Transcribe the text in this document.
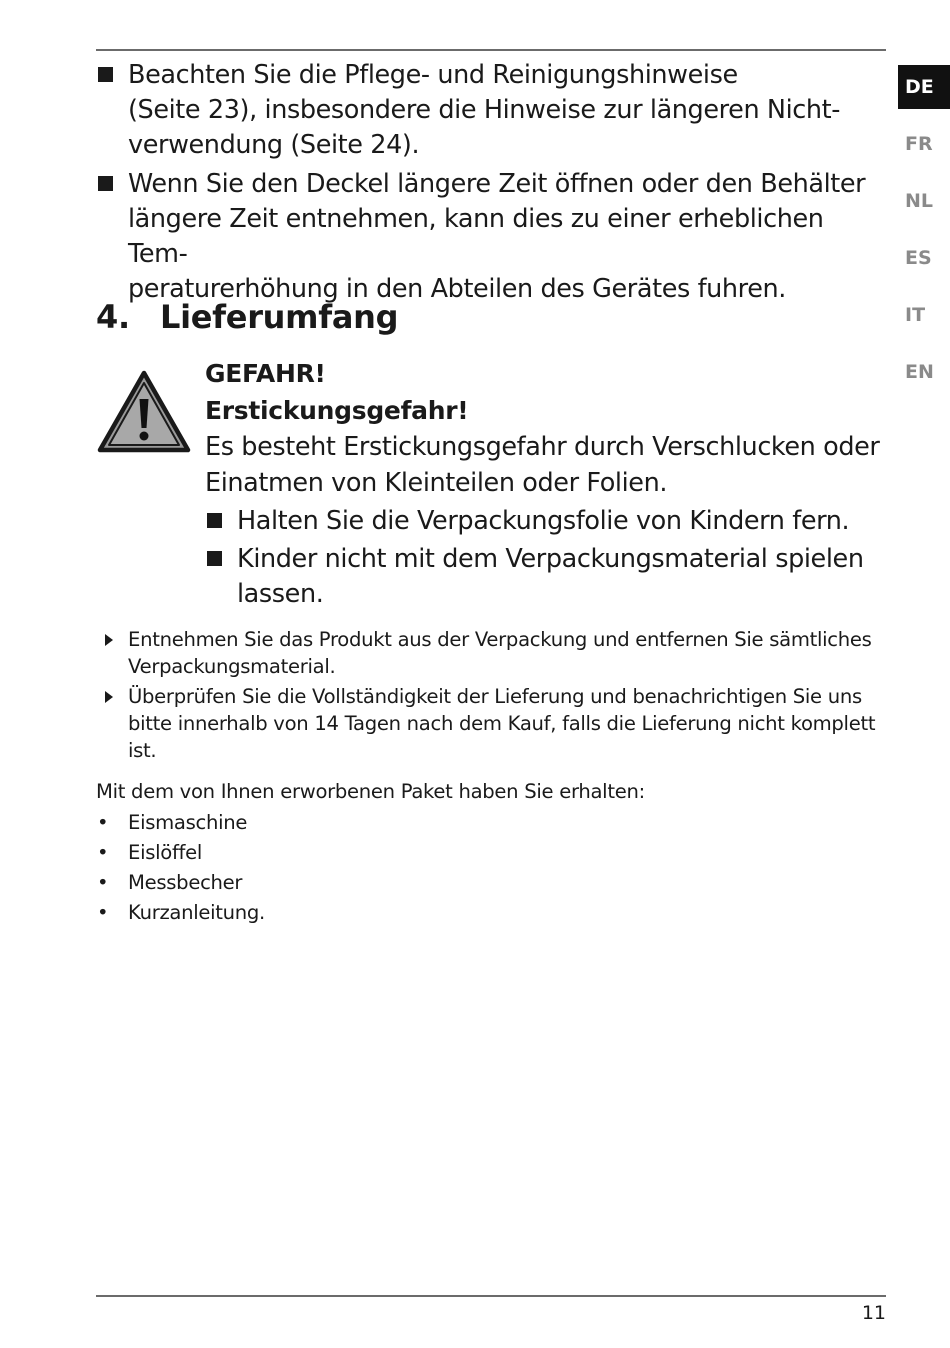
DE
FR
NL
ES
IT
EN
Beachten Sie die Pflege- und Reinigungshinweise
(Seite 23), insbesondere die Hinweise zur längeren Nicht-
verwendung (Seite 24).
Wenn Sie den Deckel längere Zeit öffnen oder den Behälter
längere Zeit entnehmen, kann dies zu einer erheblichen Tem-
peraturerhöhung in den Abteilen des Gerätes fuhren.
4. Lieferumfang
GEFAHR!
Erstickungsgefahr!
Es besteht Erstickungsgefahr durch Verschlucken oder
Einatmen von Kleinteilen oder Folien.
Halten Sie die Verpackungsfolie von Kindern fern.
Kinder nicht mit dem Verpackungsmaterial spielen
lassen.
Entnehmen Sie das Produkt aus der Verpackung und entfernen Sie sämtliches
Verpackungsmaterial.
Überprüfen Sie die Vollständigkeit der Lieferung und benachrichtigen Sie uns
bitte innerhalb von 14 Tagen nach dem Kauf, falls die Lieferung nicht komplett
ist.
Mit dem von Ihnen erworbenen Paket haben Sie erhalten:
• Eismaschine
• Eislöffel
• Messbecher
• Kurzanleitung.
11
